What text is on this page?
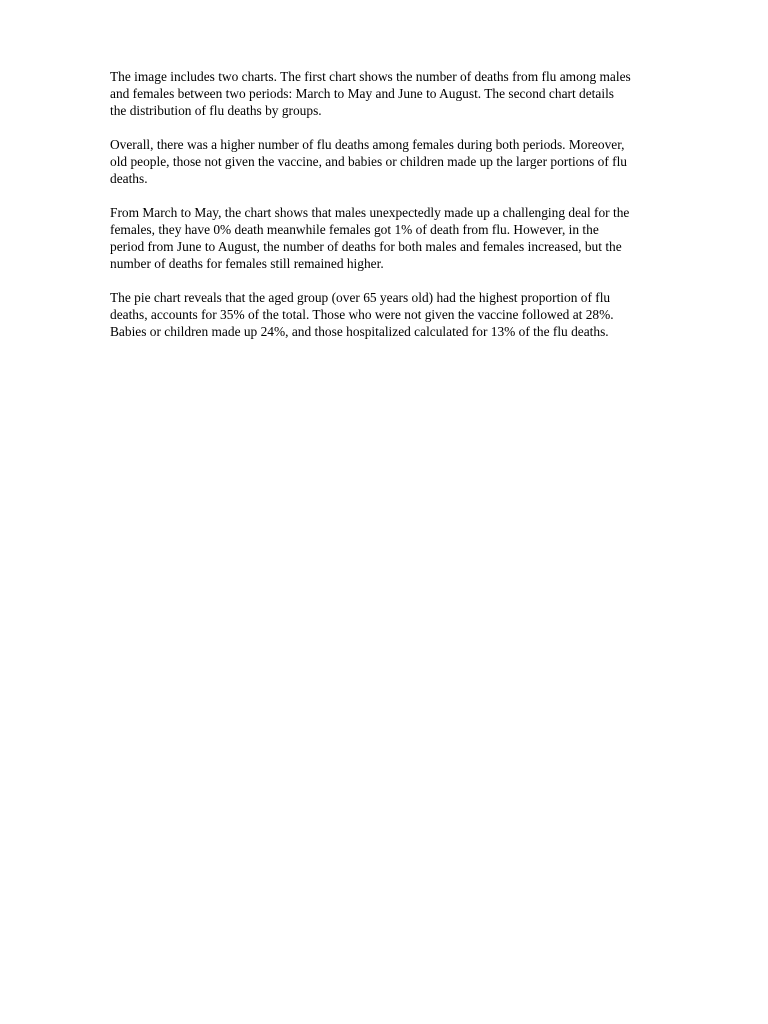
The image includes two charts. The first chart shows the number of deaths from flu among males
and females between two periods: March to May and June to August. The second chart details
the distribution of flu deaths by groups.

Overall, there was a higher number of flu deaths among females during both periods. Moreover,
old people, those not given the vaccine, and babies or children made up the larger portions of flu
deaths.

From March to May, the chart shows that males unexpectedly made up a challenging deal for the
females, they have 0% death meanwhile females got 1% of death from flu. However, in the
period from June to August, the number of deaths for both males and females increased, but the
number of deaths for females still remained higher.

The pie chart reveals that the aged group (over 65 years old) had the highest proportion of flu
deaths, accounts for 35% of the total. Those who were not given the vaccine followed at 28%.
Babies or children made up 24%, and those hospitalized calculated for 13% of the flu deaths.
